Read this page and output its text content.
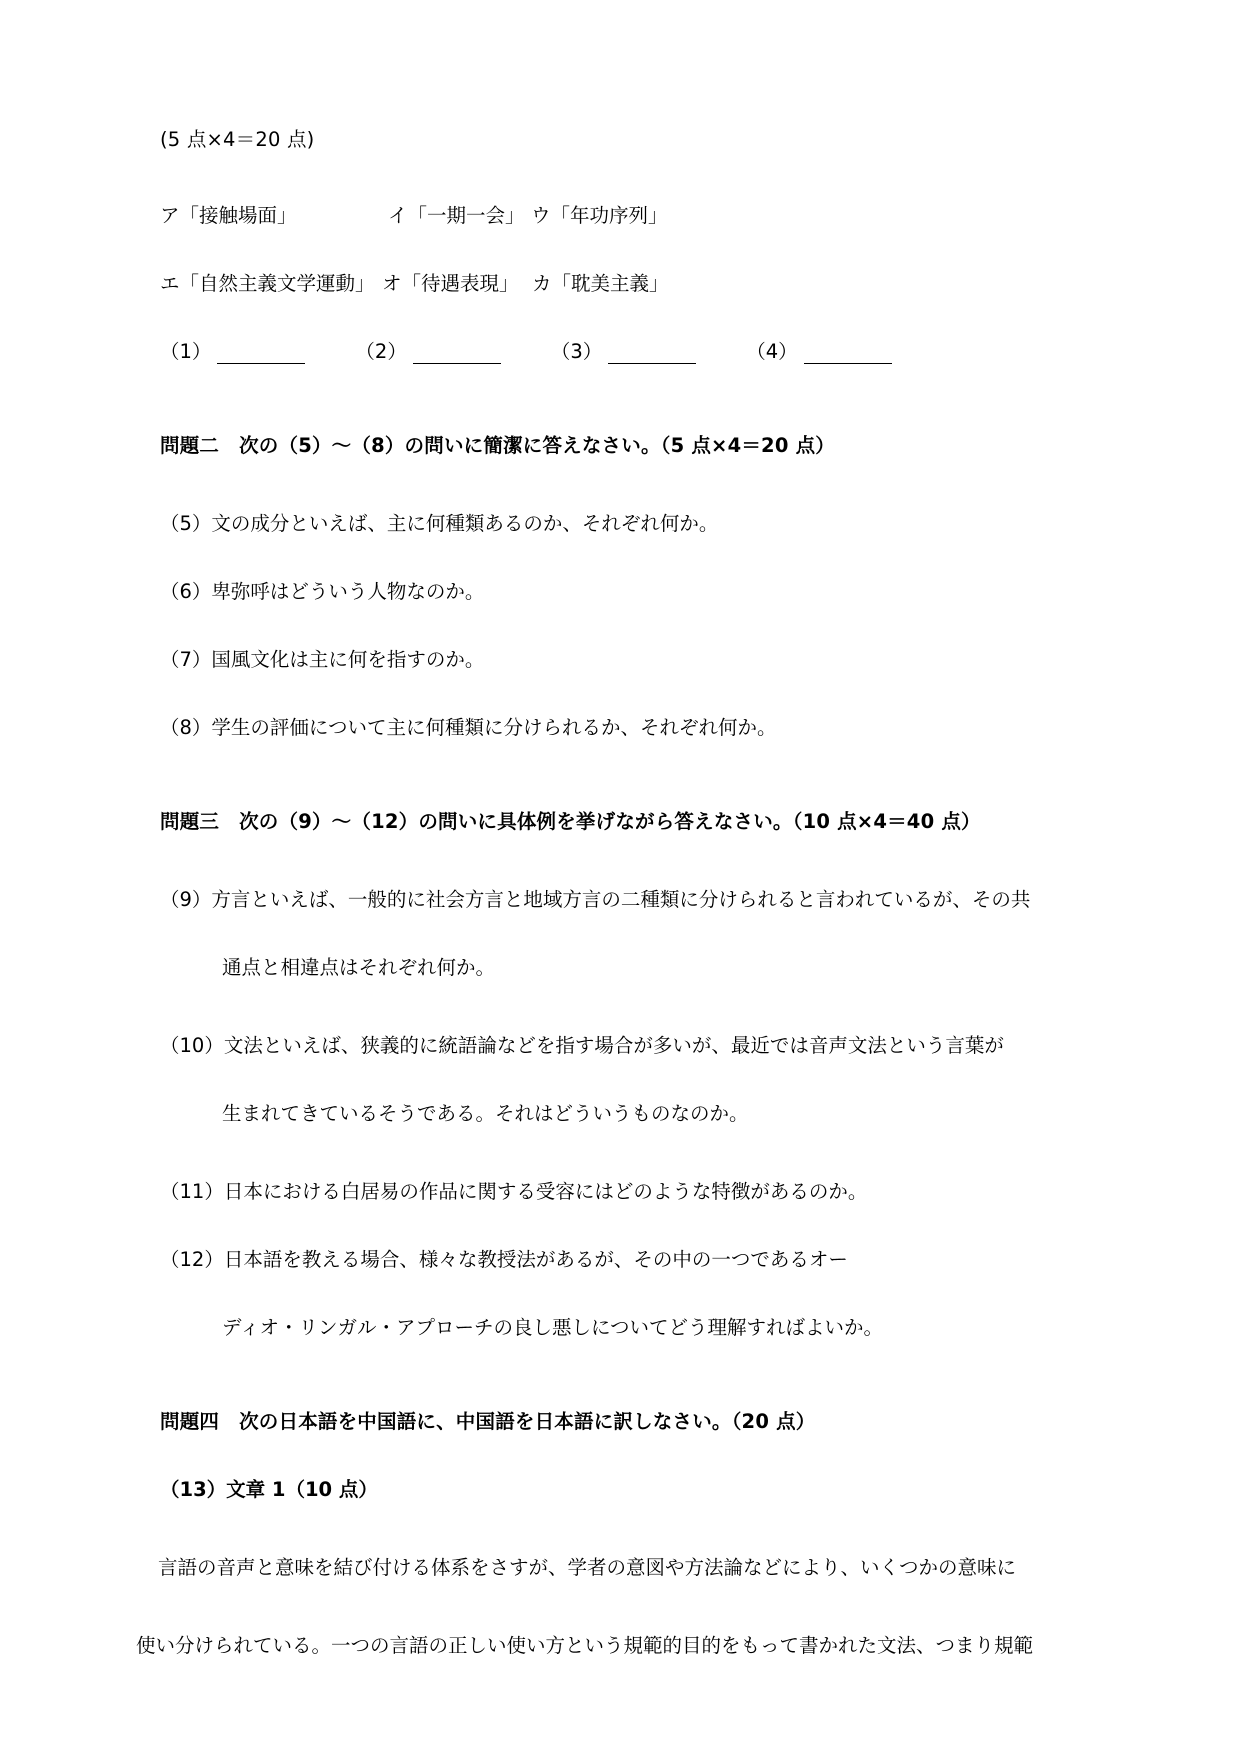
(5 点×4＝20 点)
ア「接触場面」	イ「一期一会」 ウ「年功序列」
エ「自然主義文学運動」 オ「待遇表現」 カ「耽美主義」
（1）	（2）	（3）	（4）
問題二 次の（5）〜（8）の問いに簡潔に答えなさい。（5 点×4＝20 点）
（5）文の成分といえば、主に何種類あるのか、それぞれ何か。
（6）卑弥呼はどういう人物なのか。
（7）国風文化は主に何を指すのか。
（8）学生の評価について主に何種類に分けられるか、それぞれ何か。
問題三 次の（9）〜（12）の問いに具体例を挙げながら答えなさい。（10 点×4＝40 点）
（9）方言といえば、一般的に社会方言と地域方言の二種類に分けられると言われているが、その共
通点と相違点はそれぞれ何か。
（10）文法といえば、狭義的に統語論などを指す場合が多いが、最近では音声文法という言葉が
生まれてきているそうである。それはどういうものなのか。
（11）日本における白居易の作品に関する受容にはどのような特徴があるのか。
（12）日本語を教える場合、様々な教授法があるが、その中の一つであるオー
ディオ・リンガル・アプローチの良し悪しについてどう理解すればよいか。
問題四 次の日本語を中国語に、中国語を日本語に訳しなさい。（20 点）
（13）文章 1（10 点）
言語の音声と意味を結び付ける体系をさすが、学者の意図や方法論などにより、いくつかの意味に
使い分けられている。一つの言語の正しい使い方という規範的目的をもって書かれた文法、つまり規範
